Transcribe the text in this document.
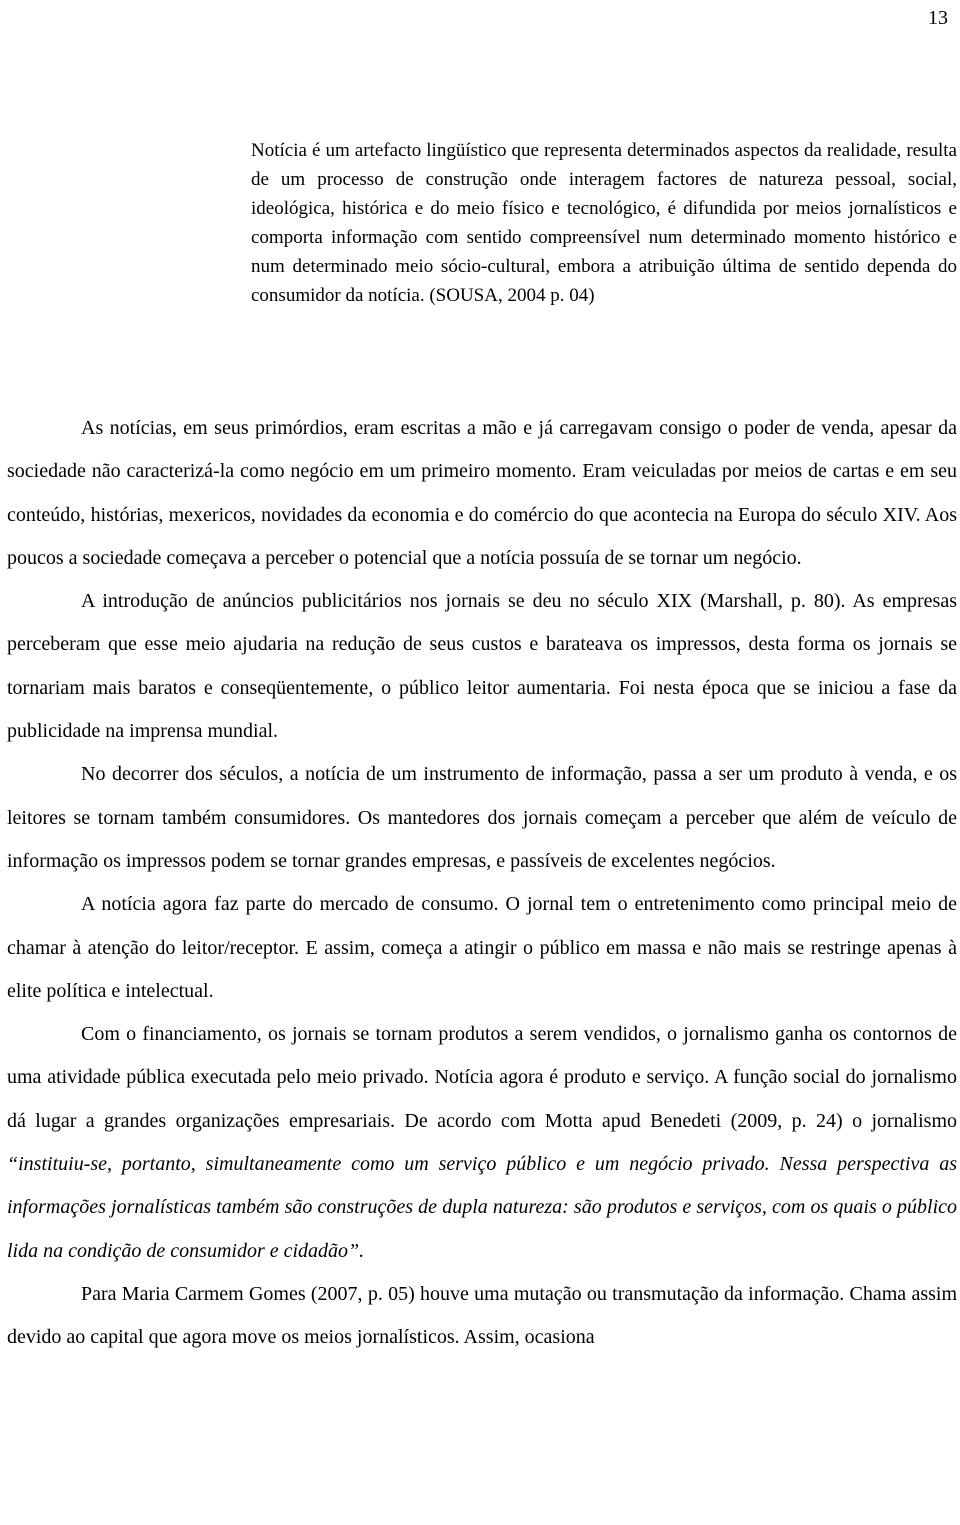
13
Notícia é um artefacto lingüístico que representa determinados aspectos da realidade, resulta de um processo de construção onde interagem factores de natureza pessoal, social, ideológica, histórica e do meio físico e tecnológico, é difundida por meios jornalísticos e comporta informação com sentido compreensível num determinado momento histórico e num determinado meio sócio-cultural, embora a atribuição última de sentido dependa do consumidor da notícia. (SOUSA, 2004 p. 04)

As notícias, em seus primórdios, eram escritas a mão e já carregavam consigo o poder de venda, apesar da sociedade não caracterizá-la como negócio em um primeiro momento. Eram veiculadas por meios de cartas e em seu conteúdo, histórias, mexericos, novidades da economia e do comércio do que acontecia na Europa do século XIV. Aos poucos a sociedade começava a perceber o potencial que a notícia possuía de se tornar um negócio.

A introdução de anúncios publicitários nos jornais se deu no século XIX (Marshall, p. 80). As empresas perceberam que esse meio ajudaria na redução de seus custos e barateava os impressos, desta forma os jornais se tornariam mais baratos e conseqüentemente, o público leitor aumentaria. Foi nesta época que se iniciou a fase da publicidade na imprensa mundial.

No decorrer dos séculos, a notícia de um instrumento de informação, passa a ser um produto à venda, e os leitores se tornam também consumidores. Os mantedores dos jornais começam a perceber que além de veículo de informação os impressos podem se tornar grandes empresas, e passíveis de excelentes negócios.

A notícia agora faz parte do mercado de consumo. O jornal tem o entretenimento como principal meio de chamar à atenção do leitor/receptor. E assim, começa a atingir o público em massa e não mais se restringe apenas à elite política e intelectual.

Com o financiamento, os jornais se tornam produtos a serem vendidos, o jornalismo ganha os contornos de uma atividade pública executada pelo meio privado. Notícia agora é produto e serviço. A função social do jornalismo dá lugar a grandes organizações empresariais. De acordo com Motta apud Benedeti (2009, p. 24) o jornalismo “instituiu-se, portanto, simultaneamente como um serviço público e um negócio privado. Nessa perspectiva as informações jornalísticas também são construções de dupla natureza: são produtos e serviços, com os quais o público lida na condição de consumidor e cidadão”.

Para Maria Carmem Gomes (2007, p. 05) houve uma mutação ou transmutação da informação. Chama assim devido ao capital que agora move os meios jornalísticos. Assim, ocasiona
